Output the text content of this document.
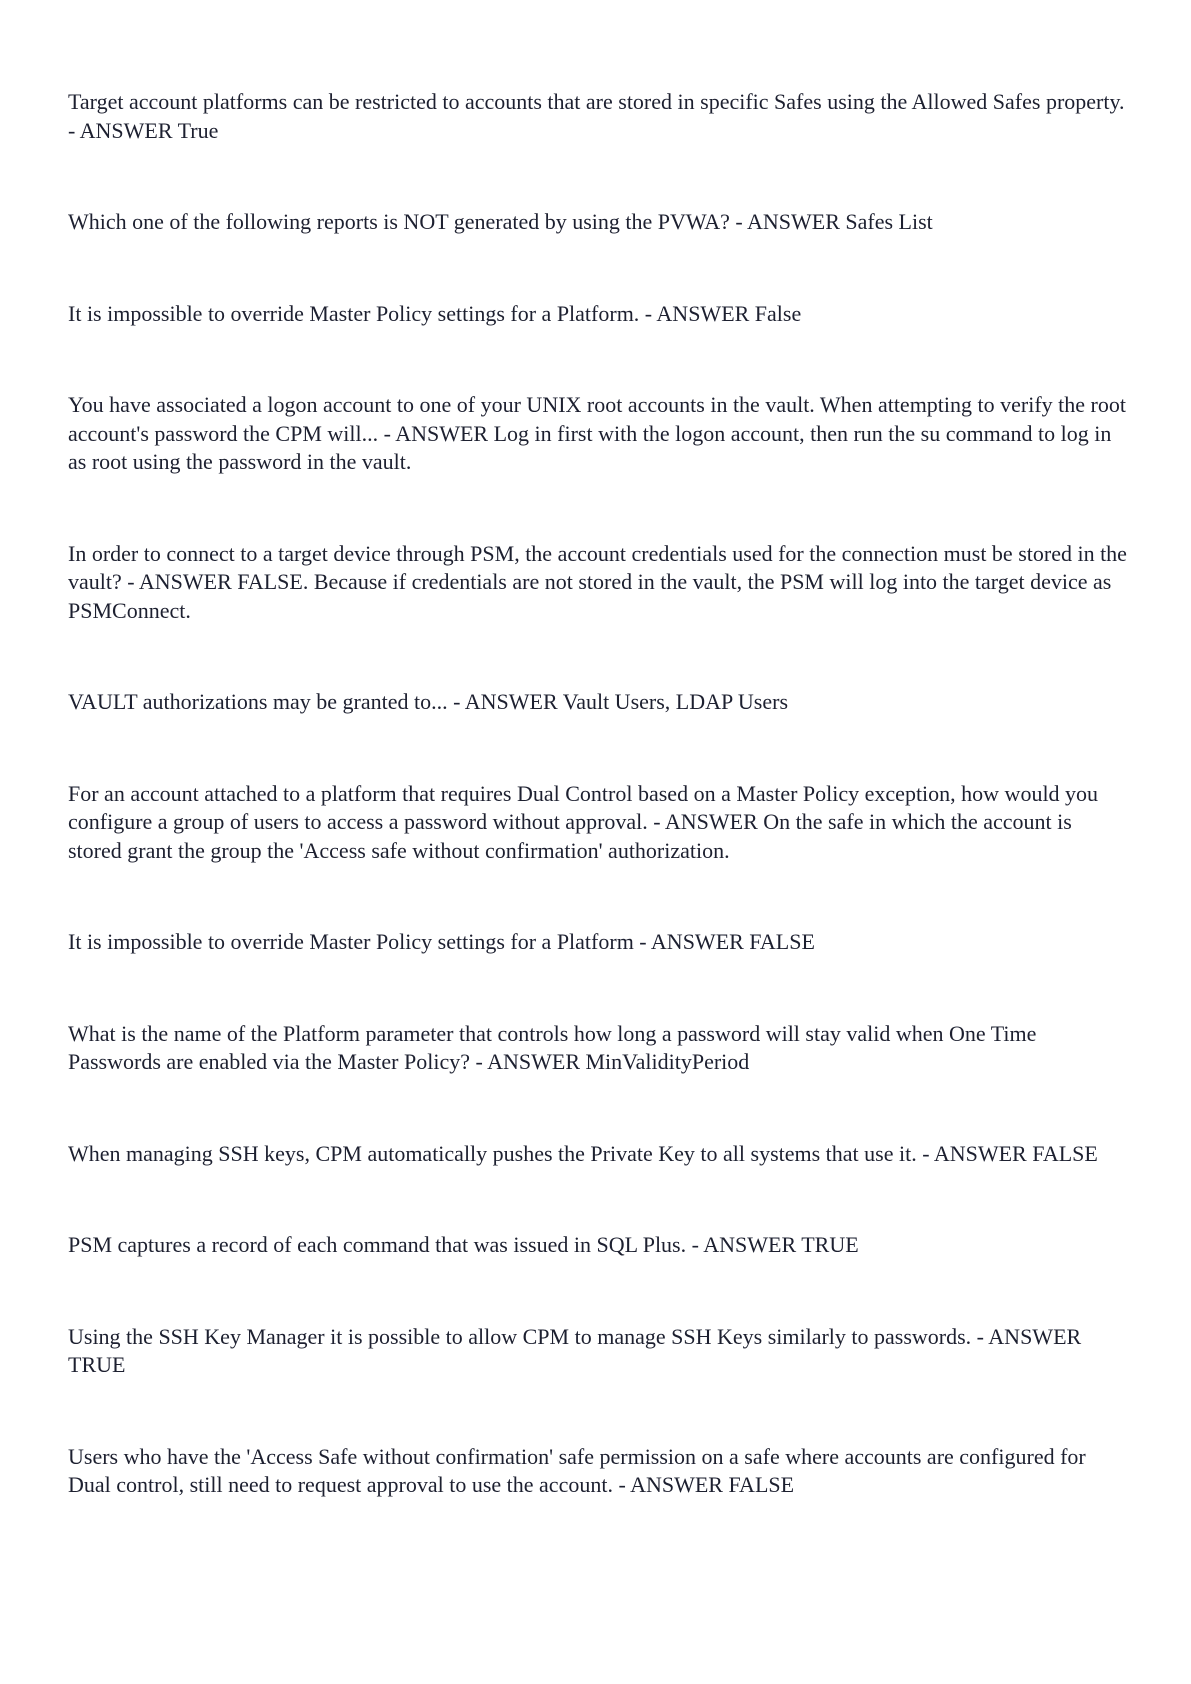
Target account platforms can be restricted to accounts that are stored in specific Safes using the Allowed Safes property. - ANSWER True
Which one of the following reports is NOT generated by using the PVWA? - ANSWER Safes List
It is impossible to override Master Policy settings for a Platform. - ANSWER False
You have associated a logon account to one of your UNIX root accounts in the vault. When attempting to verify the root account's password the CPM will... - ANSWER Log in first with the logon account, then run the su command to log in as root using the password in the vault.
In order to connect to a target device through PSM, the account credentials used for the connection must be stored in the vault? - ANSWER FALSE. Because if credentials are not stored in the vault, the PSM will log into the target device as PSMConnect.
VAULT authorizations may be granted to... - ANSWER Vault Users, LDAP Users
For an account attached to a platform that requires Dual Control based on a Master Policy exception, how would you configure a group of users to access a password without approval. - ANSWER On the safe in which the account is stored grant the group the 'Access safe without confirmation' authorization.
It is impossible to override Master Policy settings for a Platform - ANSWER FALSE
What is the name of the Platform parameter that controls how long a password will stay valid when One Time Passwords are enabled via the Master Policy? - ANSWER MinValidityPeriod
When managing SSH keys, CPM automatically pushes the Private Key to all systems that use it. - ANSWER FALSE
PSM captures a record of each command that was issued in SQL Plus. - ANSWER TRUE
Using the SSH Key Manager it is possible to allow CPM to manage SSH Keys similarly to passwords. - ANSWER TRUE
Users who have the 'Access Safe without confirmation' safe permission on a safe where accounts are configured for Dual control, still need to request approval to use the account. - ANSWER FALSE
